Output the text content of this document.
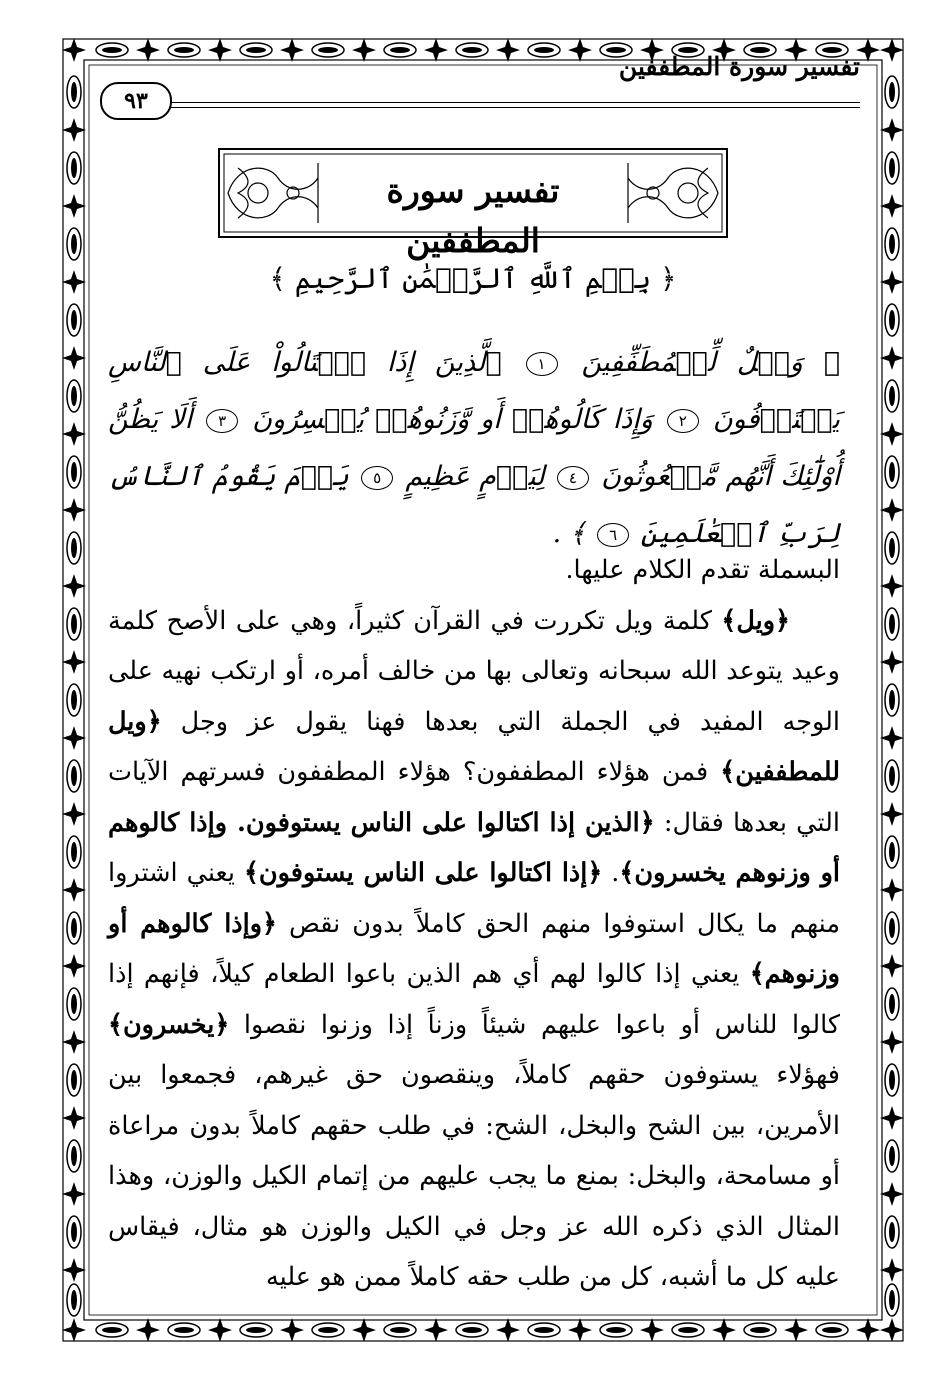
تفسير سورة المطففين
٩٣
تفسير سورة المطففين
﴿ بِسۡمِ ٱللَّهِ ٱلرَّحۡمَٰنِ ٱلرَّحِيمِ ﴾
﴿ وَيۡلٌ لِّلۡمُطَفِّفِينَ ١ ٱلَّذِينَ إِذَا ٱكۡتَالُواْ عَلَى ٱلنَّاسِ يَسۡتَوۡفُونَ ٢ وَإِذَا كَالُوهُمۡ أَو وَّزَنُوهُمۡ يُخۡسِرُونَ ٣ أَلَا يَظُنُّ أُوْلَٰٓئِكَ أَنَّهُم مَّبۡعُوثُونَ ٤ لِيَوۡمٍ عَظِيمٍ ٥ يَوۡمَ يَقُومُ ٱلنَّاسُ لِرَبِّ ٱلۡعَٰلَمِينَ ٦ ﴾ .

البسملة تقدم الكلام عليها.

﴿ويل﴾ كلمة ويل تكررت في القرآن كثيراً، وهي على الأصح كلمة وعيد يتوعد الله سبحانه وتعالى بها من خالف أمره، أو ارتكب نهيه على الوجه المفيد في الجملة التي بعدها فهنا يقول عز وجل ﴿ويل للمطففين﴾ فمن هؤلاء المطففون؟ هؤلاء المطففون فسرتهم الآيات التي بعدها فقال: ﴿الذين إذا اكتالوا على الناس يستوفون. وإذا كالوهم أو وزنوهم يخسرون﴾. ﴿إذا اكتالوا على الناس يستوفون﴾ يعني اشتروا منهم ما يكال استوفوا منهم الحق كاملاً بدون نقص ﴿وإذا كالوهم أو وزنوهم﴾ يعني إذا كالوا لهم أي هم الذين باعوا الطعام كيلاً، فإنهم إذا كالوا للناس أو باعوا عليهم شيئاً وزناً إذا وزنوا نقصوا ﴿يخسرون﴾ فهؤلاء يستوفون حقهم كاملاً، وينقصون حق غيرهم، فجمعوا بين الأمرين، بين الشح والبخل، الشح: في طلب حقهم كاملاً بدون مراعاة أو مسامحة، والبخل: بمنع ما يجب عليهم من إتمام الكيل والوزن، وهذا المثال الذي ذكره الله عز وجل في الكيل والوزن هو مثال، فيقاس عليه كل ما أشبه، كل من طلب حقه كاملاً ممن هو عليه
